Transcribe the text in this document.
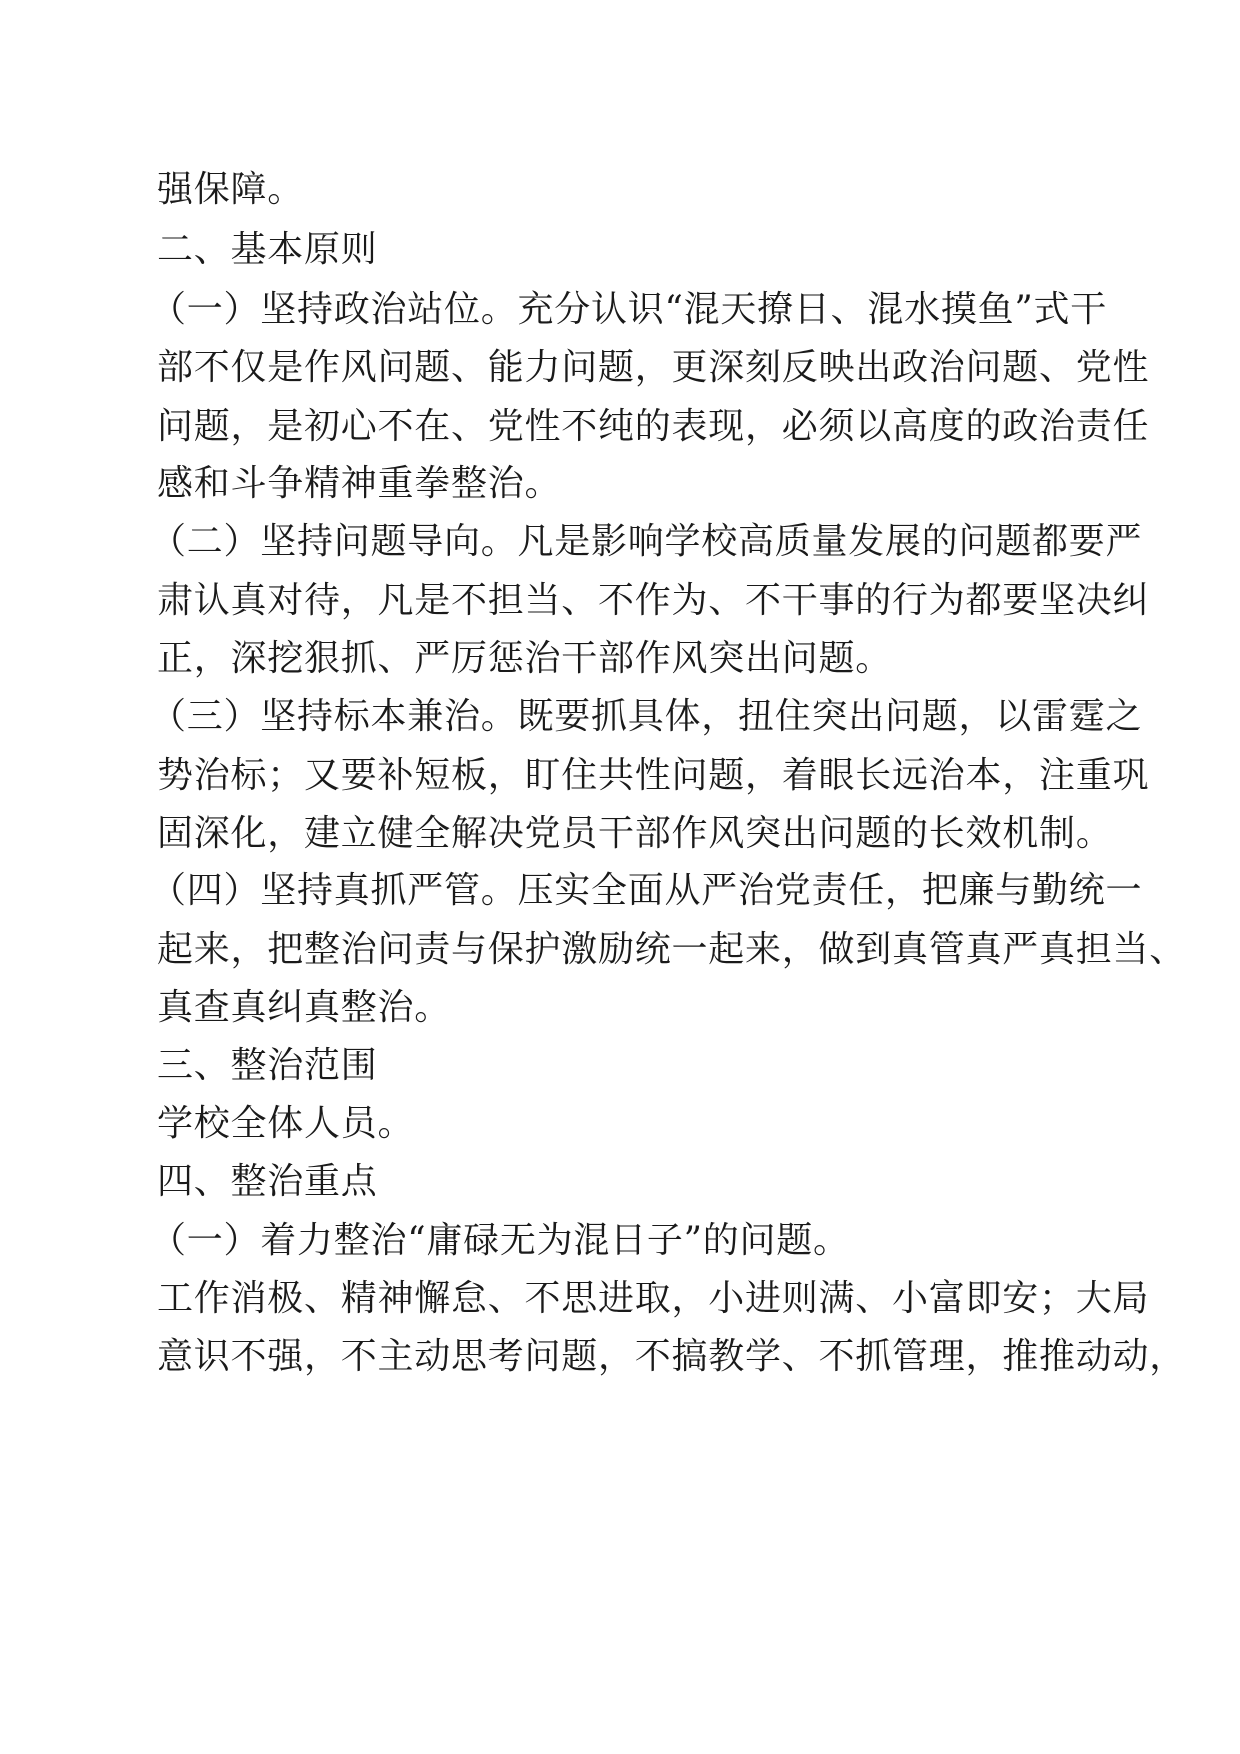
强保障。
二、基本原则
（一）坚持政治站位。充分认识“混天撩日、混水摸鱼”式干
部不仅是作风问题、能力问题，更深刻反映出政治问题、党性
问题，是初心不在、党性不纯的表现，必须以高度的政治责任
感和斗争精神重拳整治。
（二）坚持问题导向。凡是影响学校高质量发展的问题都要严
肃认真对待，凡是不担当、不作为、不干事的行为都要坚决纠
正，深挖狠抓、严厉惩治干部作风突出问题。
（三）坚持标本兼治。既要抓具体，扭住突出问题，以雷霆之
势治标；又要补短板，盯住共性问题，着眼长远治本，注重巩
固深化，建立健全解决党员干部作风突出问题的长效机制。
（四）坚持真抓严管。压实全面从严治党责任，把廉与勤统一
起来，把整治问责与保护激励统一起来，做到真管真严真担当、
真查真纠真整治。
三、整治范围
学校全体人员。
四、整治重点
（一）着力整治“庸碌无为混日子”的问题。
工作消极、精神懈怠、不思进取，小进则满、小富即安；大局
意识不强，不主动思考问题，不搞教学、不抓管理，推推动动，
